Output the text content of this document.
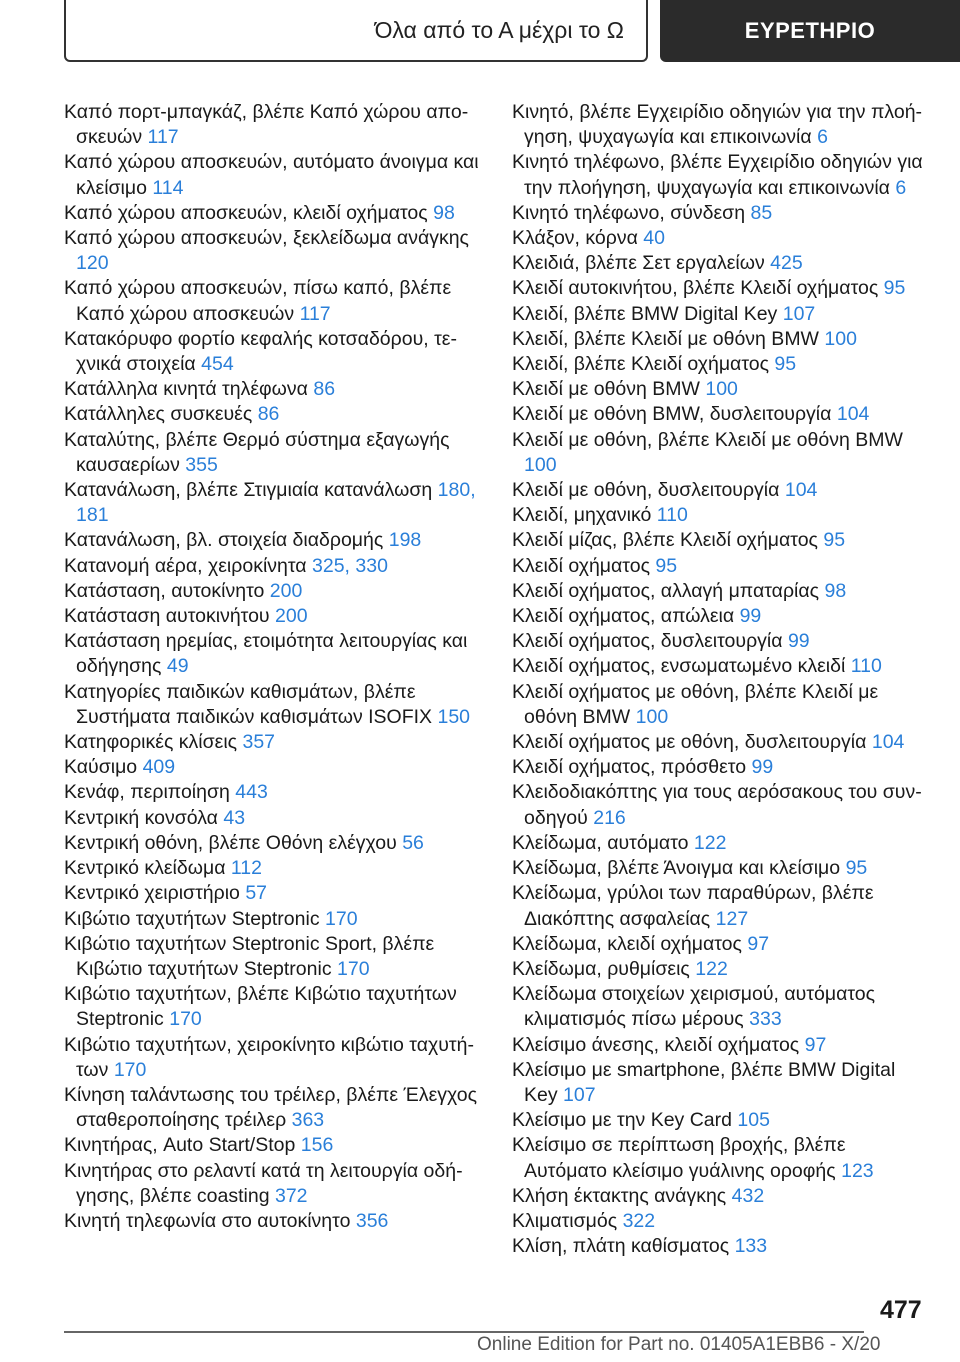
Όλα από το Α μέχρι το Ω	ΕΥΡΕΤΗΡΙΟ
Καπό πορτ-μπαγκάζ, βλέπε Καπό χώρου αποσκευών 117
Καπό χώρου αποσκευών, αυτόματο άνοιγμα και κλείσιμο 114
Καπό χώρου αποσκευών, κλειδί οχήματος 98
Καπό χώρου αποσκευών, ξεκλείδωμα ανάγκης 120
Καπό χώρου αποσκευών, πίσω καπό, βλέπε Καπό χώρου αποσκευών 117
Κατακόρυφο φορτίο κεφαλής κοτσαδόρου, τεχνικά στοιχεία 454
Κατάλληλα κινητά τηλέφωνα 86
Κατάλληλες συσκευές 86
Καταλύτης, βλέπε Θερμό σύστημα εξαγωγής καυσαερίων 355
Κατανάλωση, βλέπε Στιγμιαία κατανάλωση 180, 181
Κατανάλωση, βλ. στοιχεία διαδρομής 198
Κατανομή αέρα, χειροκίνητα 325, 330
Κατάσταση, αυτοκίνητο 200
Κατάσταση αυτοκινήτου 200
Κατάσταση ηρεμίας, ετοιμότητα λειτουργίας και οδήγησης 49
Κατηγορίες παιδικών καθισμάτων, βλέπε Συστήματα παιδικών καθισμάτων ISOFIX 150
Κατηφορικές κλίσεις 357
Καύσιμο 409
Κενάφ, περιποίηση 443
Κεντρική κονσόλα 43
Κεντρική οθόνη, βλέπε Οθόνη ελέγχου 56
Κεντρικό κλείδωμα 112
Κεντρικό χειριστήριο 57
Κιβώτιο ταχυτήτων Steptronic 170
Κιβώτιο ταχυτήτων Steptronic Sport, βλέπε Κιβώτιο ταχυτήτων Steptronic 170
Κιβώτιο ταχυτήτων, βλέπε Κιβώτιο ταχυτήτων Steptronic 170
Κιβώτιο ταχυτήτων, χειροκίνητο κιβώτιο ταχυτήτων 170
Κίνηση ταλάντωσης του τρέιλερ, βλέπε Έλεγχος σταθεροποίησης τρέιλερ 363
Κινητήρας, Auto Start/Stop 156
Κινητήρας στο ρελαντί κατά τη λειτουργία οδήγησης, βλέπε coasting 372
Κινητή τηλεφωνία στο αυτοκίνητο 356
Κινητό, βλέπε Εγχειρίδιο οδηγιών για την πλοήγηση, ψυχαγωγία και επικοινωνία 6
Κινητό τηλέφωνο, βλέπε Εγχειρίδιο οδηγιών για την πλοήγηση, ψυχαγωγία και επικοινωνία 6
Κινητό τηλέφωνο, σύνδεση 85
Κλάξον, κόρνα 40
Κλειδιά, βλέπε Σετ εργαλείων 425
Κλειδί αυτοκινήτου, βλέπε Κλειδί οχήματος 95
Κλειδί, βλέπε BMW Digital Key 107
Κλειδί, βλέπε Κλειδί με οθόνη BMW 100
Κλειδί, βλέπε Κλειδί οχήματος 95
Κλειδί με οθόνη BMW 100
Κλειδί με οθόνη BMW, δυσλειτουργία 104
Κλειδί με οθόνη, βλέπε Κλειδί με οθόνη BMW 100
Κλειδί με οθόνη, δυσλειτουργία 104
Κλειδί, μηχανικό 110
Κλειδί μίζας, βλέπε Κλειδί οχήματος 95
Κλειδί οχήματος 95
Κλειδί οχήματος, αλλαγή μπαταρίας 98
Κλειδί οχήματος, απώλεια 99
Κλειδί οχήματος, δυσλειτουργία 99
Κλειδί οχήματος, ενσωματωμένο κλειδί 110
Κλειδί οχήματος με οθόνη, βλέπε Κλειδί με οθόνη BMW 100
Κλειδί οχήματος με οθόνη, δυσλειτουργία 104
Κλειδί οχήματος, πρόσθετο 99
Κλειδοδιακόπτης για τους αερόσακους του συνοδηγού 216
Κλείδωμα, αυτόματο 122
Κλείδωμα, βλέπε Άνοιγμα και κλείσιμο 95
Κλείδωμα, γρύλοι των παραθύρων, βλέπε Διακόπτης ασφαλείας 127
Κλείδωμα, κλειδί οχήματος 97
Κλείδωμα, ρυθμίσεις 122
Κλείδωμα στοιχείων χειρισμού, αυτόματος κλιματισμός πίσω μέρους 333
Κλείσιμο άνεσης, κλειδί οχήματος 97
Κλείσιμο με smartphone, βλέπε BMW Digital Key 107
Κλείσιμο με την Key Card 105
Κλείσιμο σε περίπτωση βροχής, βλέπε Αυτόματο κλείσιμο γυάλινης οροφής 123
Κλήση έκτακτης ανάγκης 432
Κλιματισμός 322
Κλίση, πλάτη καθίσματος 133
477
Online Edition for Part no. 01405A1EBB6 - X/20
